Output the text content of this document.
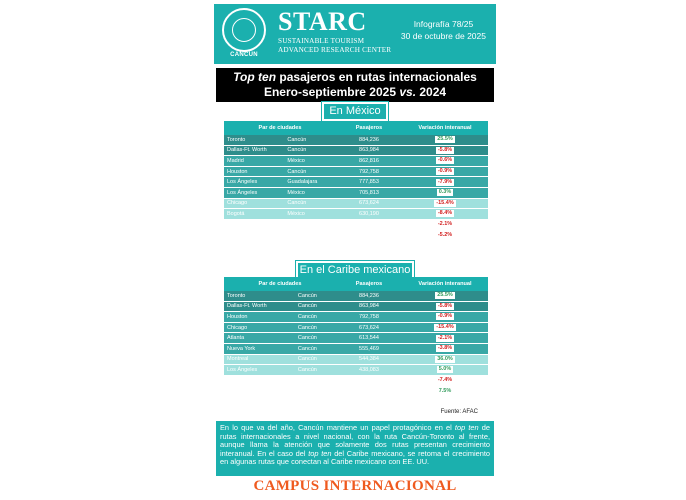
CANCÚN
STARC
SUSTAINABLE TOURISM
ADVANCED RESEARCH CENTER
Infografía 78/25
30 de octubre de 2025
Top ten pasajeros en rutas internacionales
Enero-septiembre 2025 vs. 2024
En México
Par de ciudades		Pasajeros	Variación interanual
Toronto	Cancún	884,236	25.5%
Dallas-Ft. Worth	Cancún	863,984	-5.8%
Madrid	México	862,816	-0.6%
Houston	Cancún	792,758	-0.9%
Los Ángeles	Guadalajara	777,853	-7.9%
Los Ángeles	México	705,813	0.3%
Chicago	Cancún	673,624	-15.4%
Bogotá	México	630,190	-8.4%
Atlanta	Cancún	613,544	-2.1%
Houston	México	594,398	-5.2%
En el Caribe mexicano
Par de ciudades		Pasajeros	Variación interanual
Toronto	Cancún	884,236	25.5%
Dallas-Ft. Worth	Cancún	863,984	-5.8%
Houston	Cancún	792,758	-0.9%
Chicago	Cancún	673,624	-15.4%
Atlanta	Cancún	613,544	-2.1%
Nueva York	Cancún	555,469	-3.8%
Montreal	Cancún	544,384	36.0%
Los Ángeles	Cancún	438,083	5.0%
Panamá	Cancún	426,499	-7.4%
Miami	Cancún	422,280	7.5%
Fuente: AFAC
En lo que va del año, Cancún mantiene un papel protagónico en el top ten de rutas internacionales a nivel nacional, con la ruta Cancún-Toronto al frente, aunque llama la atención que solamente dos rutas presentan crecimiento interanual. En el caso del top ten del Caribe mexicano, se retoma el crecimiento en algunas rutas que conectan al Caribe mexicano con EE. UU.
CAMPUS INTERNACIONAL
